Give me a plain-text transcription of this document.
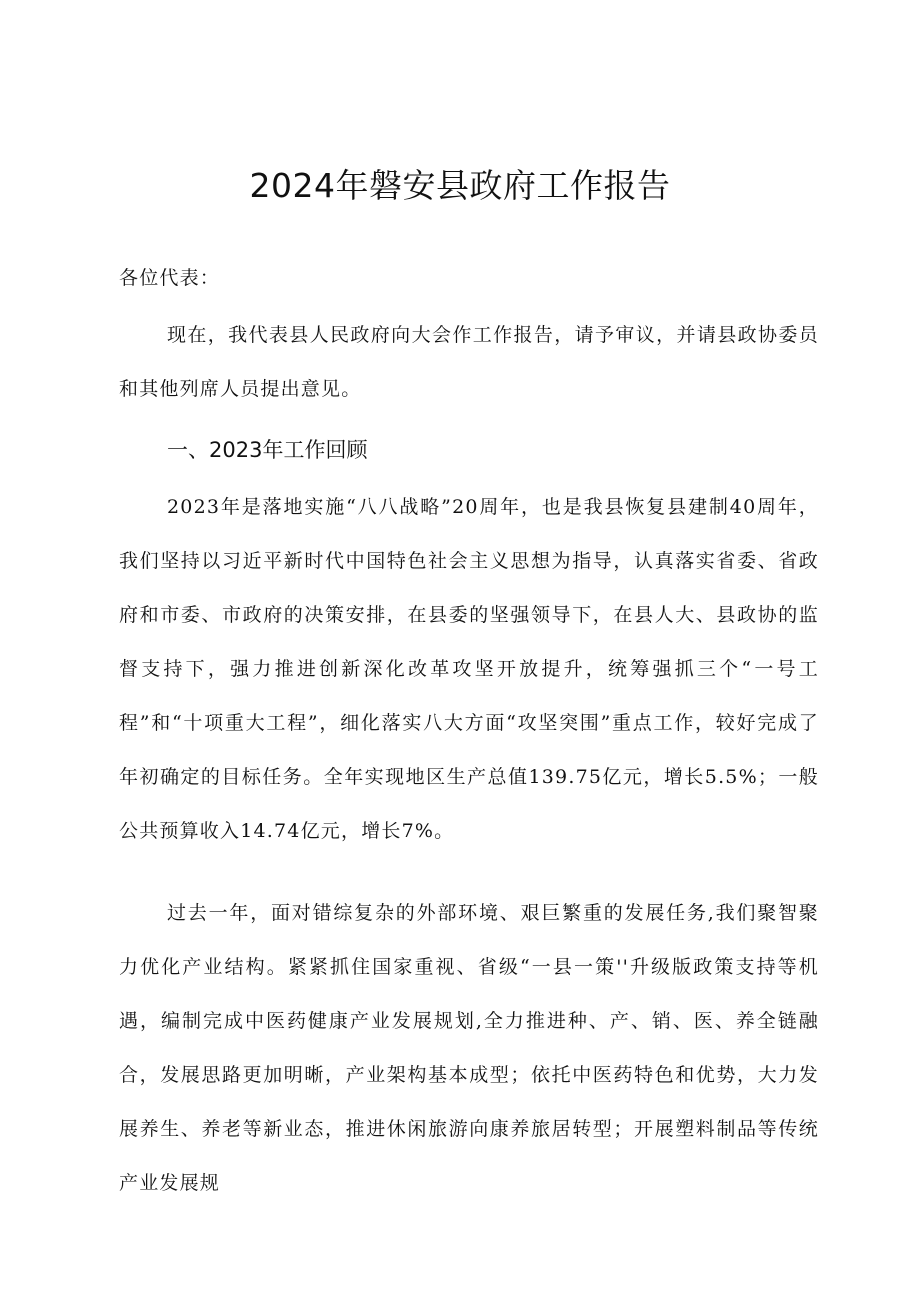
2024年磐安县政府工作报告

各位代表：

现在，我代表县人民政府向大会作工作报告，请予审议，并请县政协委员和其他列席人员提出意见。

一、2023年工作回顾

2023年是落地实施“八八战略”20周年，也是我县恢复县建制40周年，我们坚持以习近平新时代中国特色社会主义思想为指导，认真落实省委、省政府和市委、市政府的决策安排，在县委的坚强领导下，在县人大、县政协的监督支持下，强力推进创新深化改革攻坚开放提升，统筹强抓三个“一号工程”和“十项重大工程”，细化落实八大方面“攻坚突围”重点工作，较好完成了年初确定的目标任务。全年实现地区生产总值139.75亿元，增长5.5%；一般公共预算收入14.74亿元，增长7%。

过去一年，面对错综复杂的外部环境、艰巨繁重的发展任务,我们聚智聚力优化产业结构。紧紧抓住国家重视、省级“一县一策''升级版政策支持等机遇，编制完成中医药健康产业发展规划,全力推进种、产、销、医、养全链融合，发展思路更加明晰，产业架构基本成型；依托中医药特色和优势，大力发展养生、养老等新业态，推进休闲旅游向康养旅居转型；开展塑料制品等传统产业发展规
